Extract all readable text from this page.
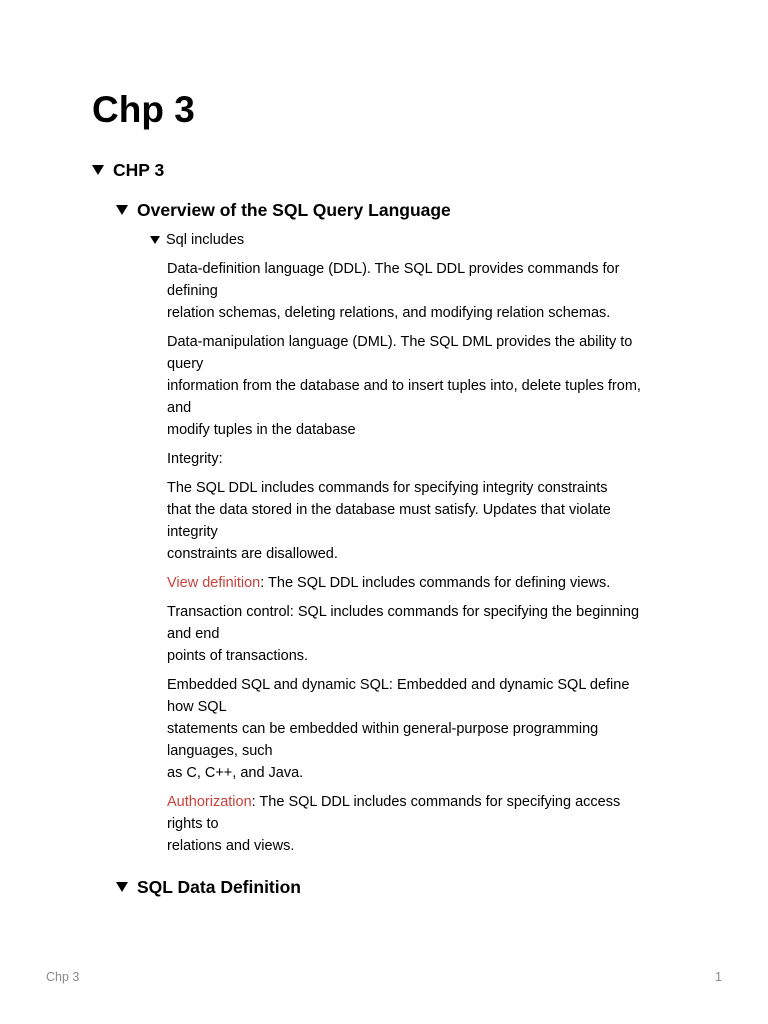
Chp 3
CHP 3
Overview of the SQL Query Language
Sql includes

Data-definition language (DDL). The SQL DDL provides commands for
defining
relation schemas, deleting relations, and modifying relation schemas.

Data-manipulation language (DML). The SQL DML provides the ability to
query
information from the database and to insert tuples into, delete tuples from,
and
modify tuples in the database

Integrity:

The SQL DDL includes commands for specifying integrity constraints
that the data stored in the database must satisfy. Updates that violate
integrity
constraints are disallowed.

View definition: The SQL DDL includes commands for defining views.

Transaction control: SQL includes commands for specifying the beginning
and end
points of transactions.

Embedded SQL and dynamic SQL: Embedded and dynamic SQL define
how SQL
statements can be embedded within general-purpose programming
languages, such
as C, C++, and Java.

Authorization: The SQL DDL includes commands for specifying access
rights to
relations and views.

SQL Data Definition
Chp 3	1
